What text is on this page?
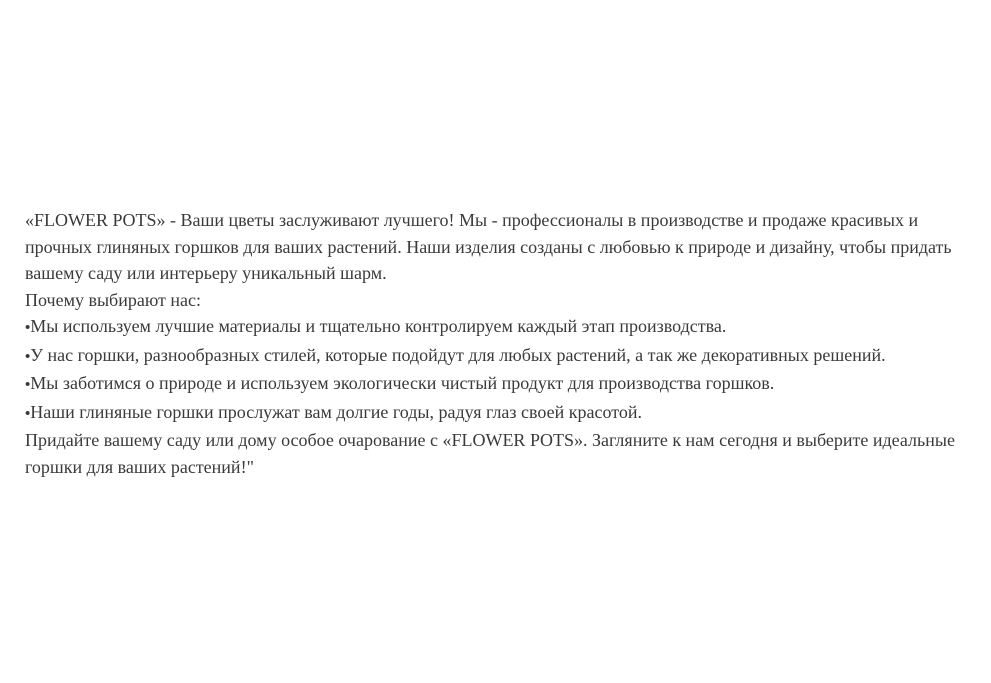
«FLOWER POTS» - Ваши цветы заслуживают лучшего! Мы - профессионалы в производстве и продаже красивых и прочных глиняных горшков для ваших растений. Наши изделия созданы с любовью к природе и дизайну, чтобы придать вашему саду или интерьеру уникальный шарм.

Почему выбирают нас:

•Мы используем лучшие материалы и тщательно контролируем каждый этап производства.
•У нас горшки, разнообразных стилей, которые подойдут для любых растений, а так же декоративных решений.
•Мы заботимся о природе и используем экологически чистый продукт для производства горшков.
•Наши глиняные горшки прослужат вам долгие годы, радуя глаз своей красотой.

Придайте вашему саду или дому особое очарование с «FLOWER POTS». Загляните к нам сегодня и выберите идеальные горшки для ваших растений!"
